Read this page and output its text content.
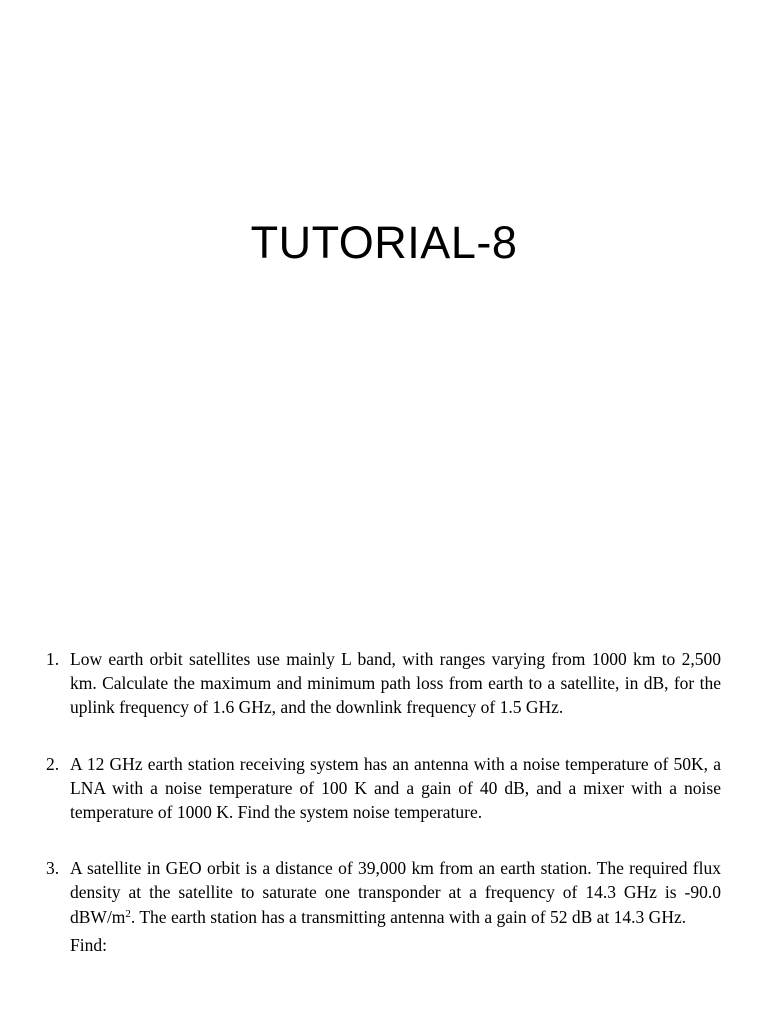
TUTORIAL-8
1. Low earth orbit satellites use mainly L band, with ranges varying from 1000 km to 2,500 km. Calculate the maximum and minimum path loss from earth to a satellite, in dB, for the uplink frequency of 1.6 GHz, and the downlink frequency of 1.5 GHz.
2. A 12 GHz earth station receiving system has an antenna with a noise temperature of 50K, a LNA with a noise temperature of 100 K and a gain of 40 dB, and a mixer with a noise temperature of 1000 K. Find the system noise temperature.
3. A satellite in GEO orbit is a distance of 39,000 km from an earth station. The required flux density at the satellite to saturate one transponder at a frequency of 14.3 GHz is -90.0 dBW/$m^2$. The earth station has a transmitting antenna with a gain of 52 dB at 14.3 GHz.
Find:
